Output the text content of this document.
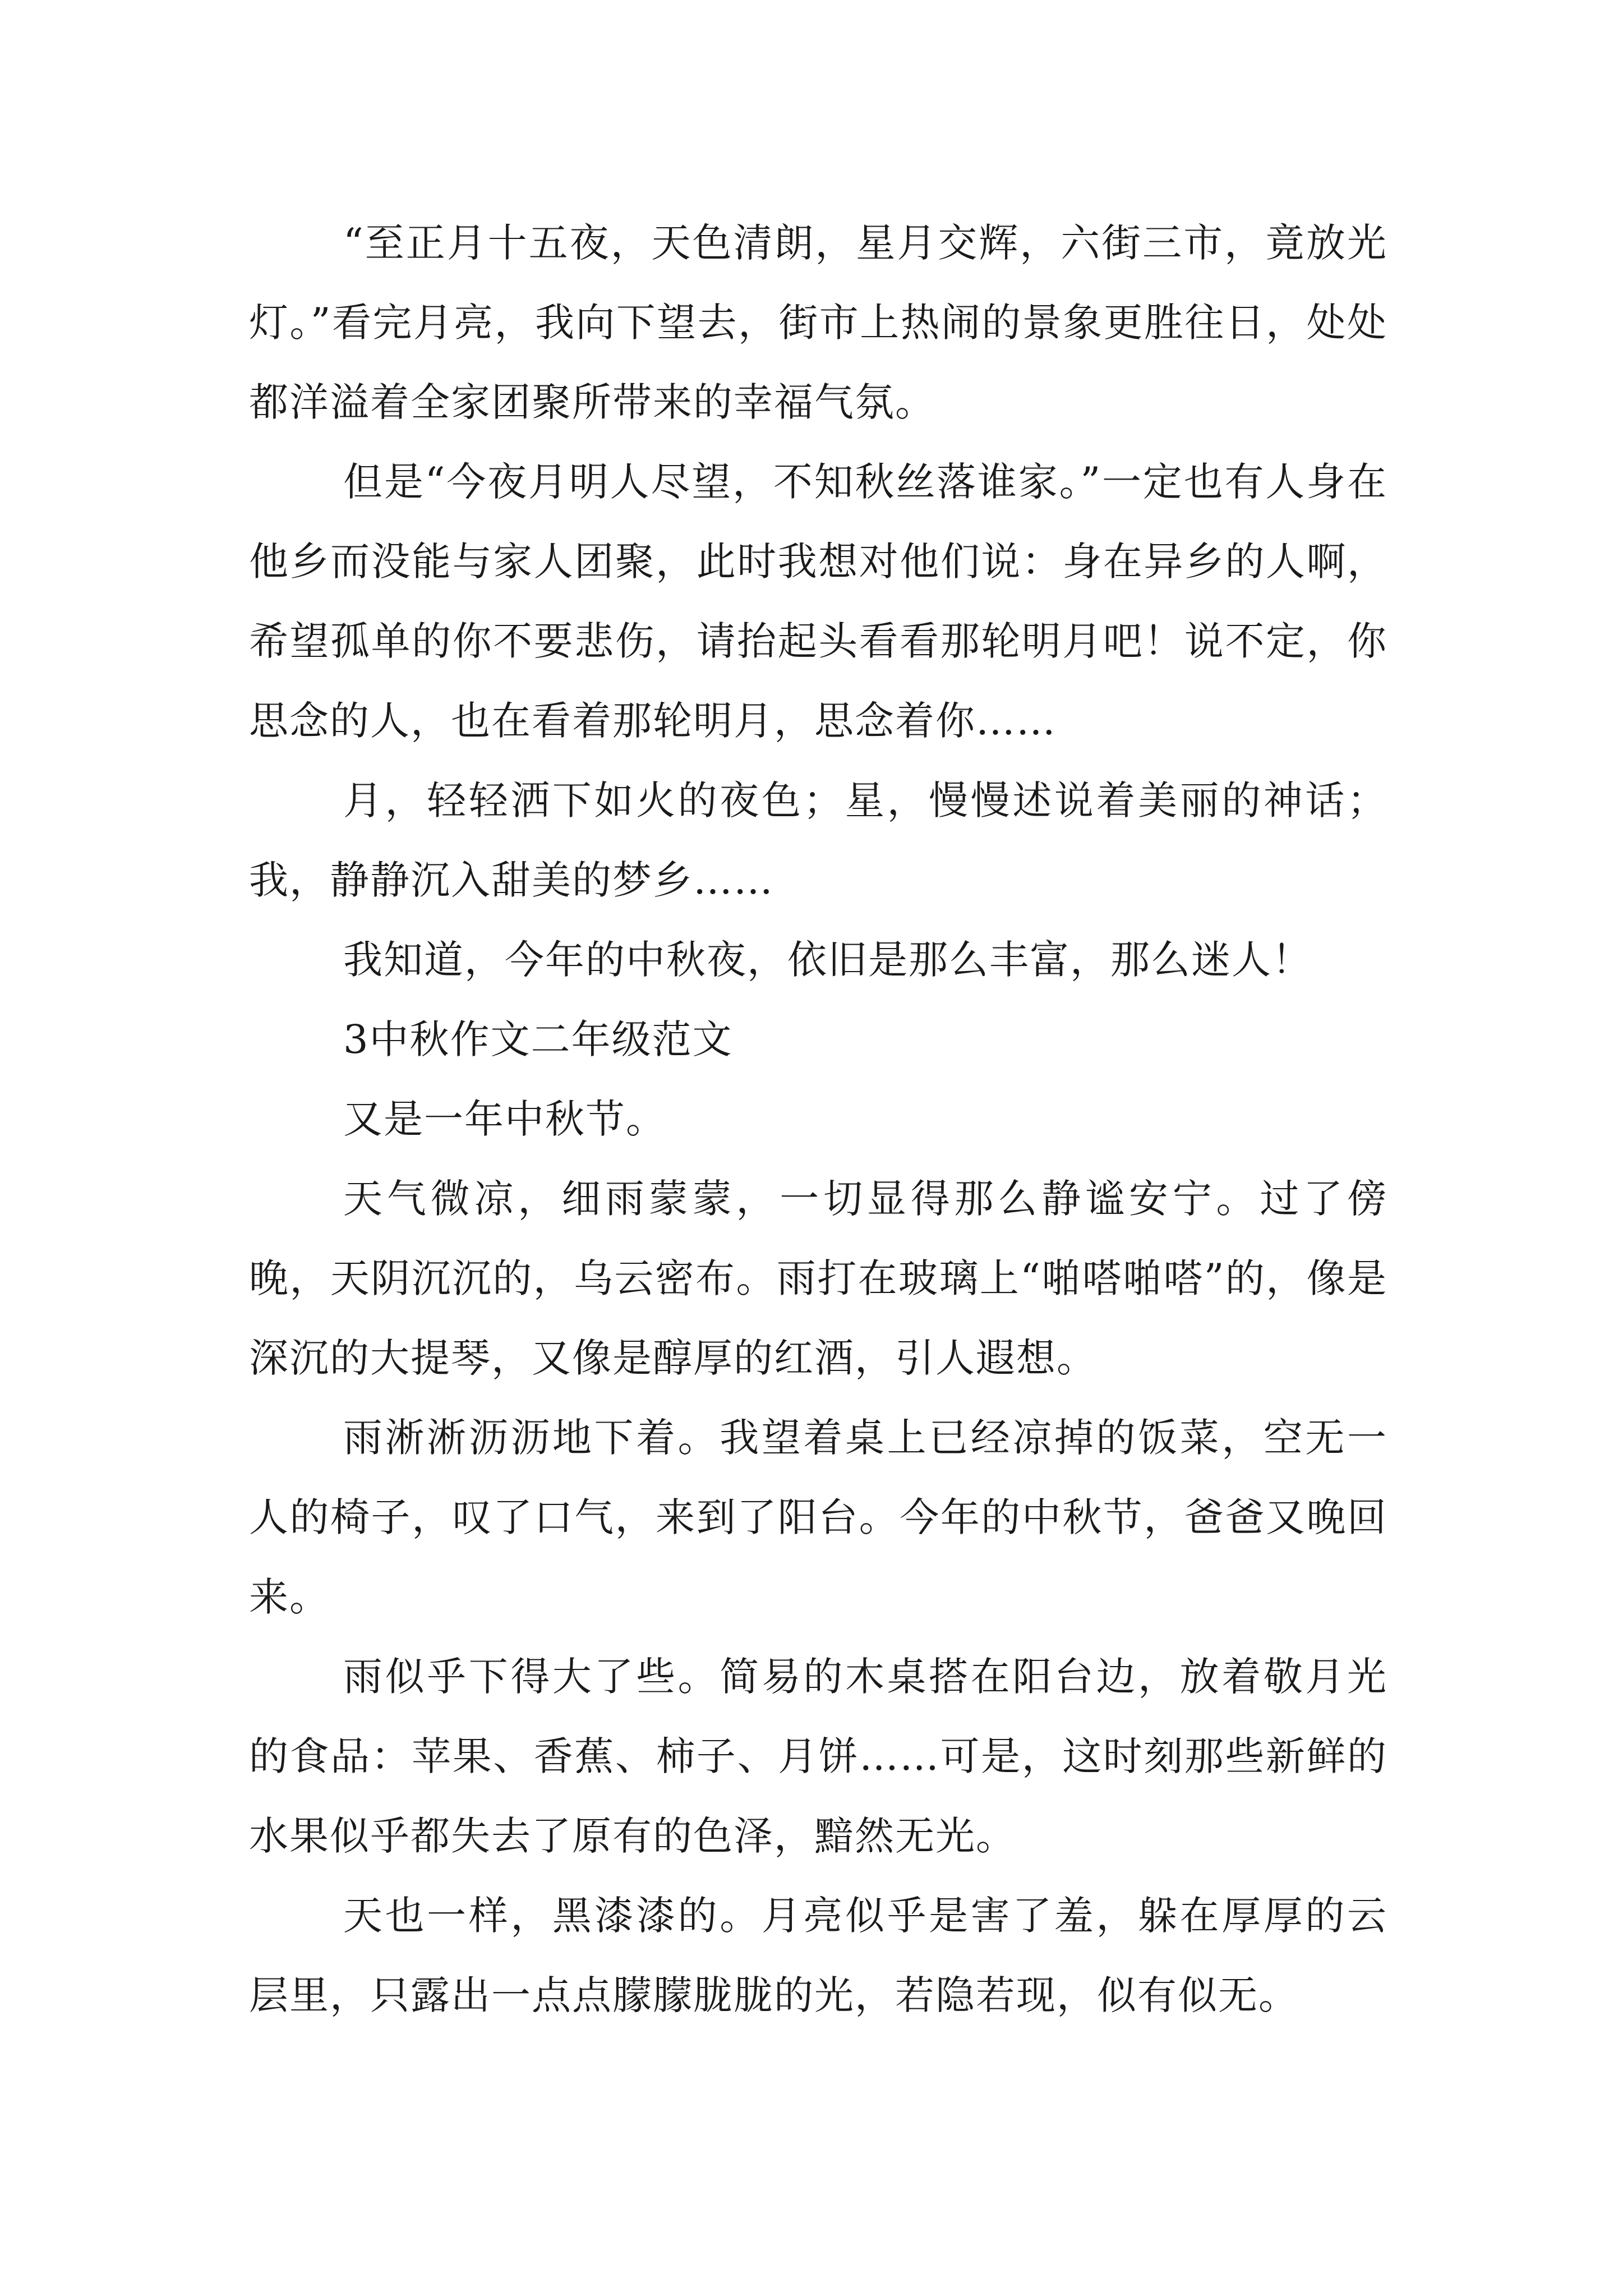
“至正月十五夜，天色清朗，星月交辉，六街三市，竟放光灯。”看完月亮，我向下望去，街市上热闹的景象更胜往日，处处都洋溢着全家团聚所带来的幸福气氛。

但是“今夜月明人尽望，不知秋丝落谁家。”一定也有人身在他乡而没能与家人团聚，此时我想对他们说：身在异乡的人啊，希望孤单的你不要悲伤，请抬起头看看那轮明月吧！说不定，你思念的人，也在看着那轮明月，思念着你……

月，轻轻洒下如火的夜色；星，慢慢述说着美丽的神话；我，静静沉入甜美的梦乡……

我知道，今年的中秋夜，依旧是那么丰富，那么迷人！

3中秋作文二年级范文

又是一年中秋节。

天气微凉，细雨蒙蒙，一切显得那么静谧安宁。过了傍晚，天阴沉沉的，乌云密布。雨打在玻璃上“啪嗒啪嗒”的，像是深沉的大提琴，又像是醇厚的红酒，引人遐想。

雨淅淅沥沥地下着。我望着桌上已经凉掉的饭菜，空无一人的椅子，叹了口气，来到了阳台。今年的中秋节，爸爸又晚回来。

雨似乎下得大了些。简易的木桌搭在阳台边，放着敬月光的食品：苹果、香蕉、柿子、月饼……可是，这时刻那些新鲜的水果似乎都失去了原有的色泽，黯然无光。

天也一样，黑漆漆的。月亮似乎是害了羞，躲在厚厚的云层里，只露出一点点朦朦胧胧的光，若隐若现，似有似无。
